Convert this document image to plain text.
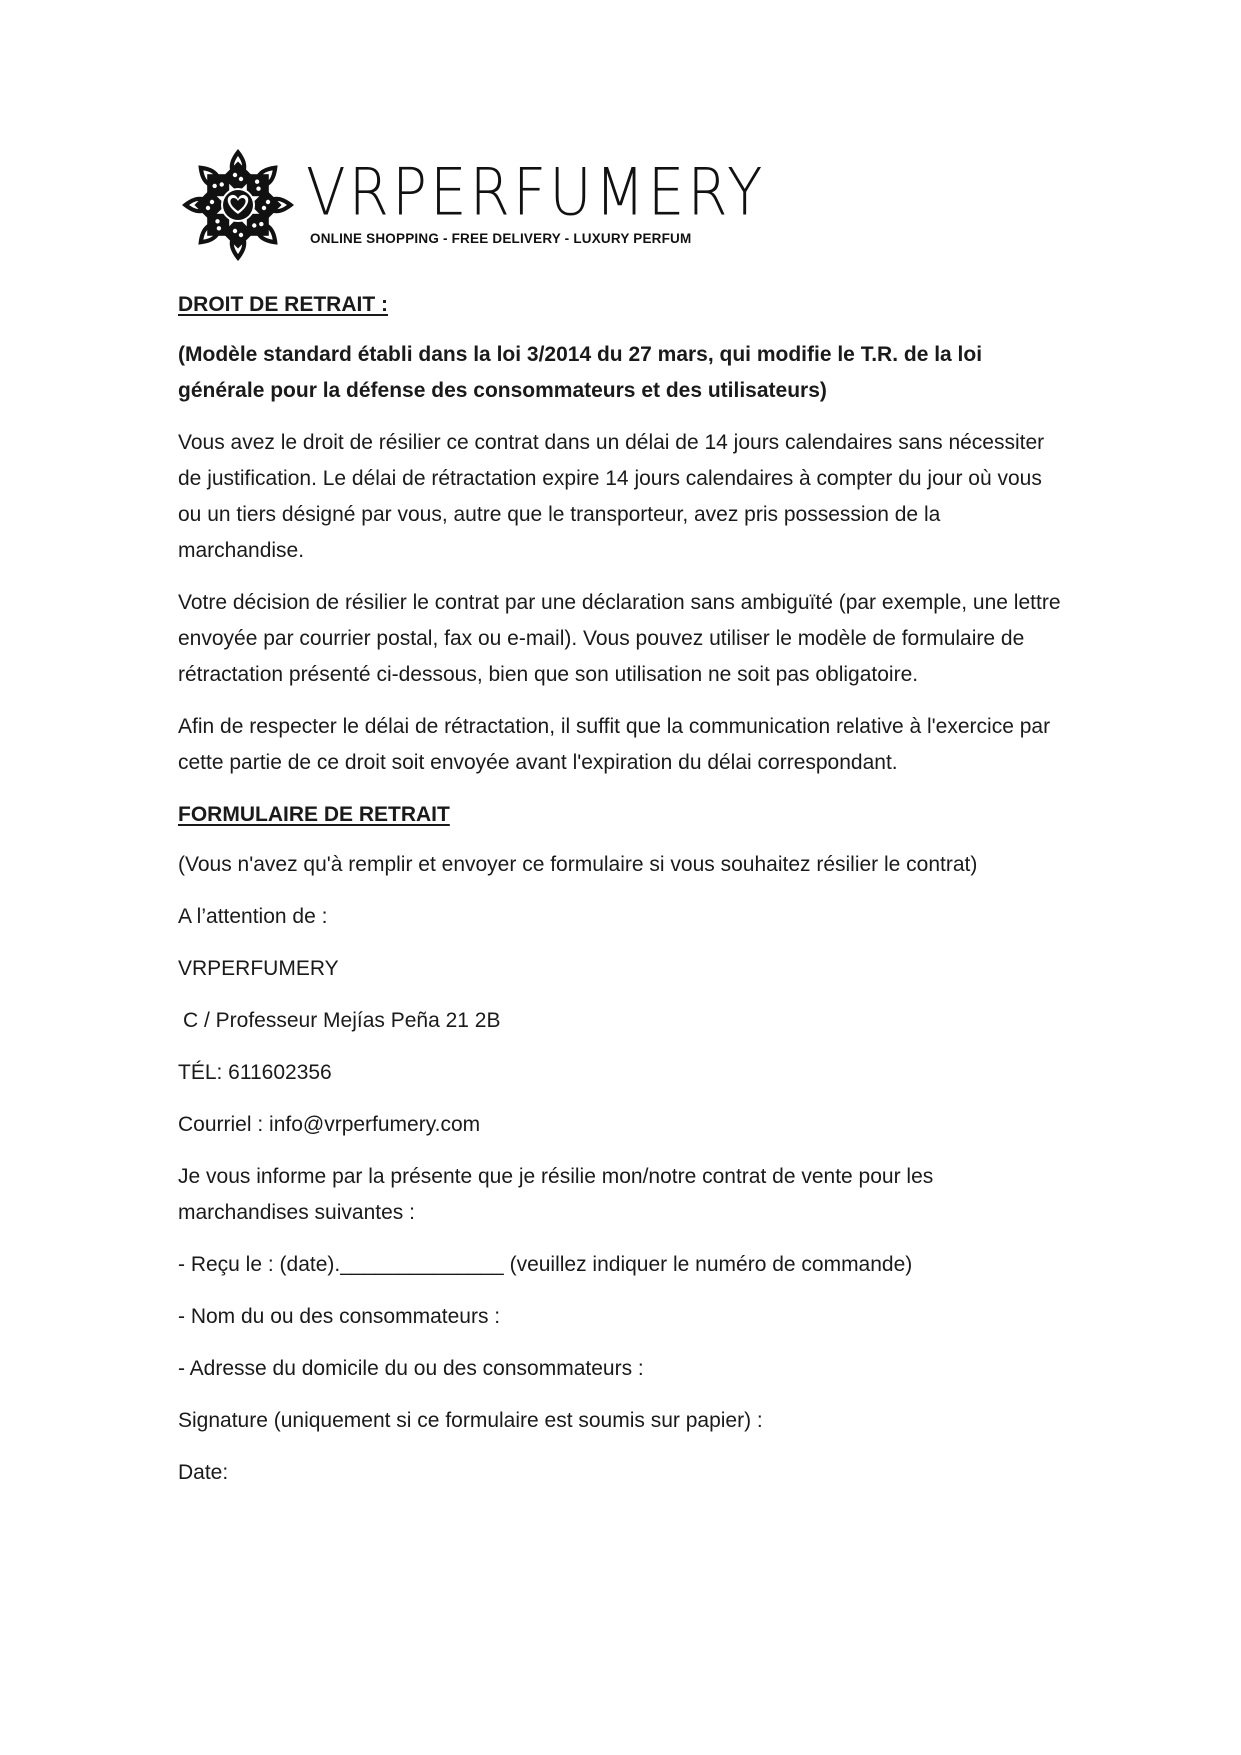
VRPERFUMERY
ONLINE SHOPPING - FREE DELIVERY - LUXURY PERFUM
DROIT DE RETRAIT :
(Modèle standard établi dans la loi 3/2014 du 27 mars, qui modifie le T.R. de la loi générale pour la défense des consommateurs et des utilisateurs)
Vous avez le droit de résilier ce contrat dans un délai de 14 jours calendaires sans nécessiter de justification. Le délai de rétractation expire 14 jours calendaires à compter du jour où vous ou un tiers désigné par vous, autre que le transporteur, avez pris possession de la marchandise.
Votre décision de résilier le contrat par une déclaration sans ambiguïté (par exemple, une lettre envoyée par courrier postal, fax ou e-mail). Vous pouvez utiliser le modèle de formulaire de rétractation présenté ci-dessous, bien que son utilisation ne soit pas obligatoire.
Afin de respecter le délai de rétractation, il suffit que la communication relative à l'exercice par cette partie de ce droit soit envoyée avant l'expiration du délai correspondant.
FORMULAIRE DE RETRAIT
(Vous n'avez qu'à remplir et envoyer ce formulaire si vous souhaitez résilier le contrat)
A l’attention de :
VRPERFUMERY
C / Professeur Mejías Peña 21 2B
TÉL: 611602356
Courriel : info@vrperfumery.com
Je vous informe par la présente que je résilie mon/notre contrat de vente pour les marchandises suivantes :
- Reçu le : (date).______________ (veuillez indiquer le numéro de commande)
- Nom du ou des consommateurs :
- Adresse du domicile du ou des consommateurs :
Signature (uniquement si ce formulaire est soumis sur papier) :
Date:
